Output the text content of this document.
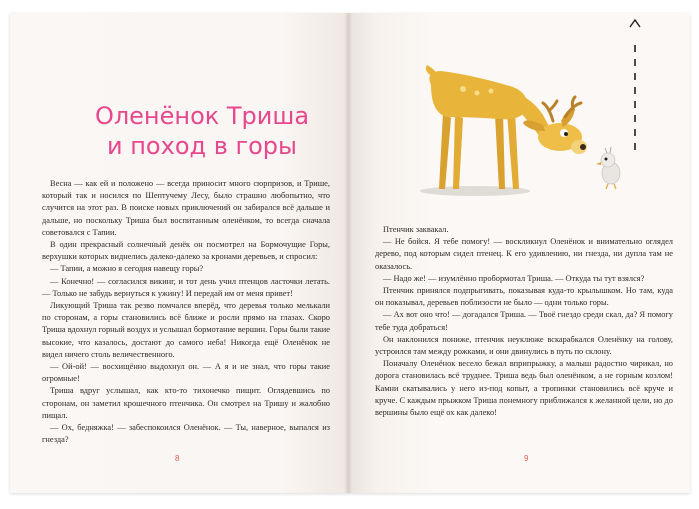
Оленёнок Триша
и поход в горы

Весна — как ей и положено — всегда приносит много сюрпризов, и Трише, который так и носился по Шептучему Лесу, было страшно любопытно, что случится на этот раз. В поиске новых приключений он забирался всё дальше и дальше, но поскольку Триша был воспитанным оленёнком, то всегда сначала советовался с Тапии.

В один прекрасный солнечный денёк он посмотрел на Бормочущие Горы, верхушки которых виднелись далеко-далеко за кронами деревьев, и спросил:

— Тапии, а можно я сегодня навещу горы?

— Конечно! — согласился викинг, и тот день учил птенцов ласточки летать. — Только не забудь вернуться к ужину! И передай им от меня привет!

Ликующий Триша так резво помчался вперёд, что деревья только мелькали по сторонам, а горы становились всё ближе и росли прямо на глазах. Скоро Триша вдохнул горный воздух и услышал бормотание вершин. Горы были такие высокие, что казалось, достают до самого неба! Никогда ещё Оленёнок не видел ничего столь величественного.

— Ой-ой! — восхищённо выдохнул он. — А я и не знал, что горы такие огромные!

Триша вдруг услышал, как кто-то тихонечко пищит. Оглядевшись по сторонам, он заметил крошечного птенчика. Он смотрел на Тришу и жалобно пищал.

— Ох, бедняжка! — забеспокоился Оленёнок. — Ты, наверное, выпался из гнезда?

8

Птенчик заквакал.

— Не бойся. Я тебе помогу! — воскликнул Оленёнок и внимательно оглядел дерево, под которым сидел птенец. К его удивлению, ни гнезда, ни дупла там не оказалось.

— Надо же! — изумлённо пробормотал Триша. — Откуда ты тут взялся?

Птенчик принялся подпрыгивать, показывая куда-то крылышком. Но там, куда он показывал, деревьев поблизости не было — одни только горы.

— Ах вот оно что! — догадался Триша. — Твоё гнездо среди скал, да? Я помогу тебе туда добраться!

Он наклонился пониже, птенчик неуклюже вскарабкался Оленёнку на голову, устроился там между рожками, и они двинулись в путь по склону.

Поначалу Оленёнок весело бежал вприпрыжку, а малыш радостно чирикал, но дорога становилась всё труднее. Триша ведь был оленёнком, а не горным козлом! Камни скатывались у него из-под копыт, а тропинки становились всё круче и круче. С каждым прыжком Триша понемногу приближался к желанной цели, но до вершины было ещё ох как далеко!

9
